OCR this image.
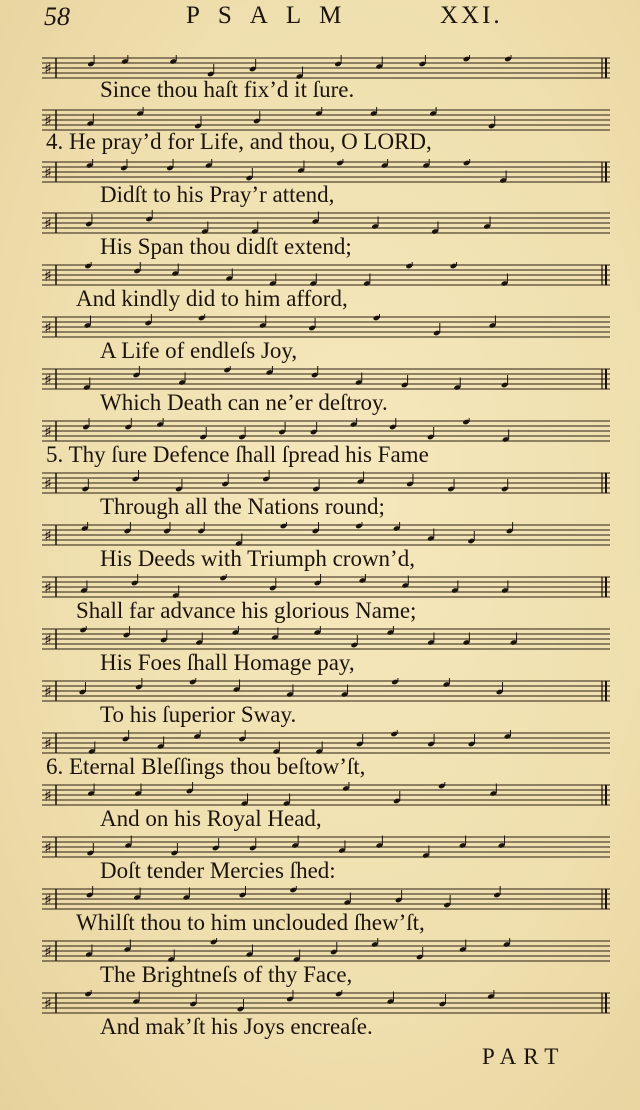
58	PSALM	XXI.
♯
Since thou haſt fix’d it ſure.
♯
4. He pray’d for Life, and thou, O LORD,
♯
Didſt to his Pray’r attend,
♯
His Span thou didſt extend;
♯
And kindly did to him afford,
♯
A Life of endleſs Joy,
♯
Which Death can ne’er deſtroy.
♯
5. Thy ſure Defence ſhall ſpread his Fame
♯
Through all the Nations round;
♯
His Deeds with Triumph crown’d,
♯
Shall far advance his glorious Name;
♯
His Foes ſhall Homage pay,
♯
To his ſuperior Sway.
♯
6. Eternal Bleſſings thou beſtow’ſt,
♯
And on his Royal Head,
♯
Doſt tender Mercies ſhed:
♯
Whilſt thou to him unclouded ſhew’ſt,
♯
The Brightneſs of thy Face,
♯
And mak’ſt his Joys encreaſe.
PART
